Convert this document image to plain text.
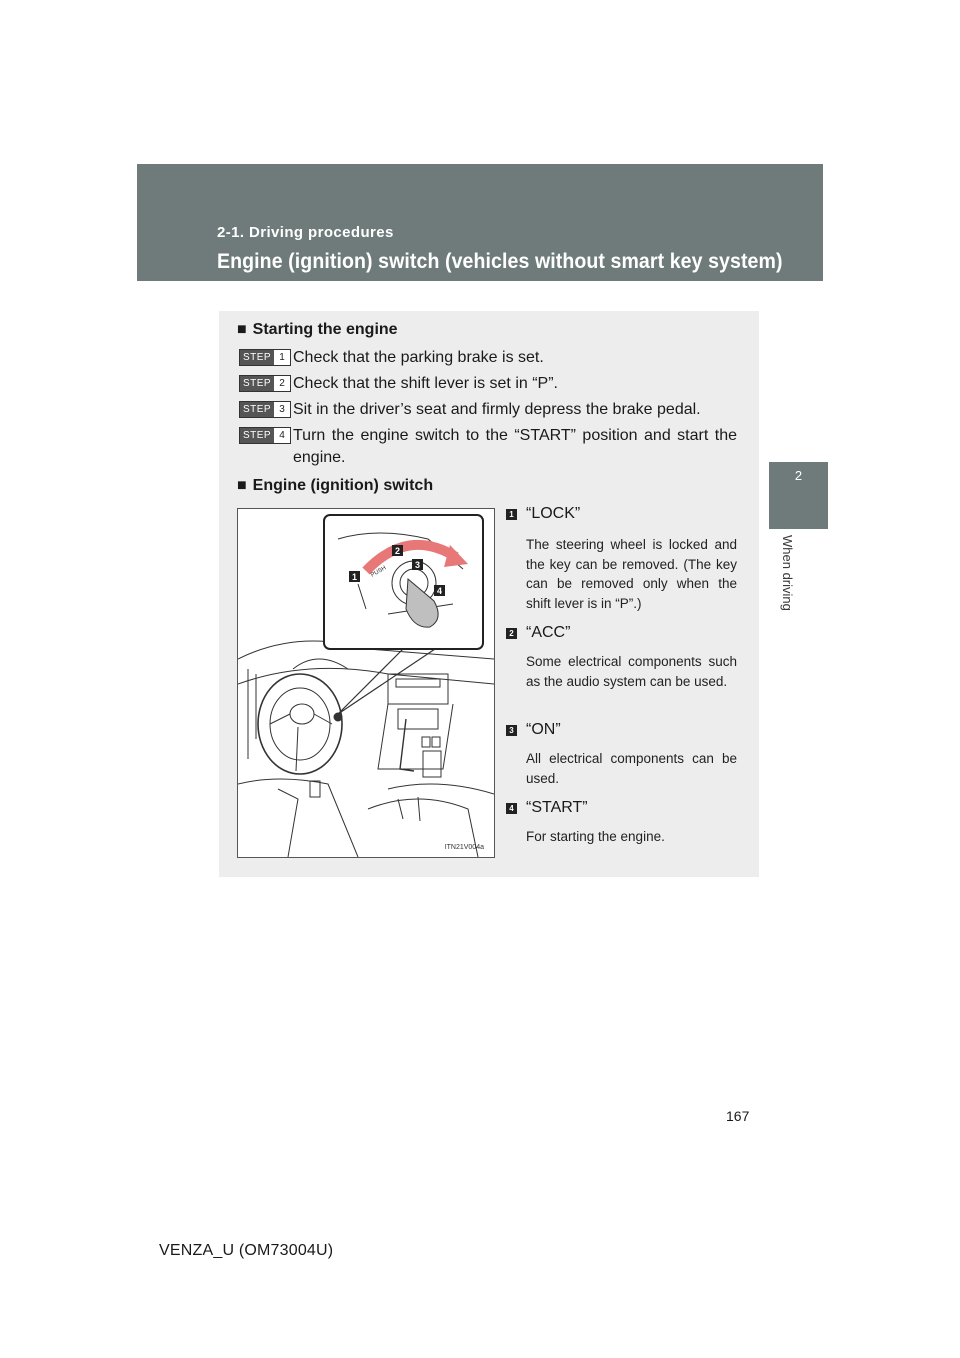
2-1. Driving procedures
Engine (ignition) switch (vehicles without smart key system)
2
When driving
■ Starting the engine
STEP 1 Check that the parking brake is set.
STEP 2 Check that the shift lever is set in “P”.
STEP 3 Sit in the driver’s seat and firmly depress the brake pedal.
STEP 4 Turn the engine switch to the “START” position and start the engine.
■ Engine (ignition) switch
1
2
3
4
PUSH
ITN21V004a
1 “LOCK”
The steering wheel is locked and the key can be removed. (The key can be removed only when the shift lever is in “P”.)
2 “ACC”
Some electrical components such as the audio system can be used.
3 “ON”
All electrical components can be used.
4 “START”
For starting the engine.
167
VENZA_U (OM73004U)
